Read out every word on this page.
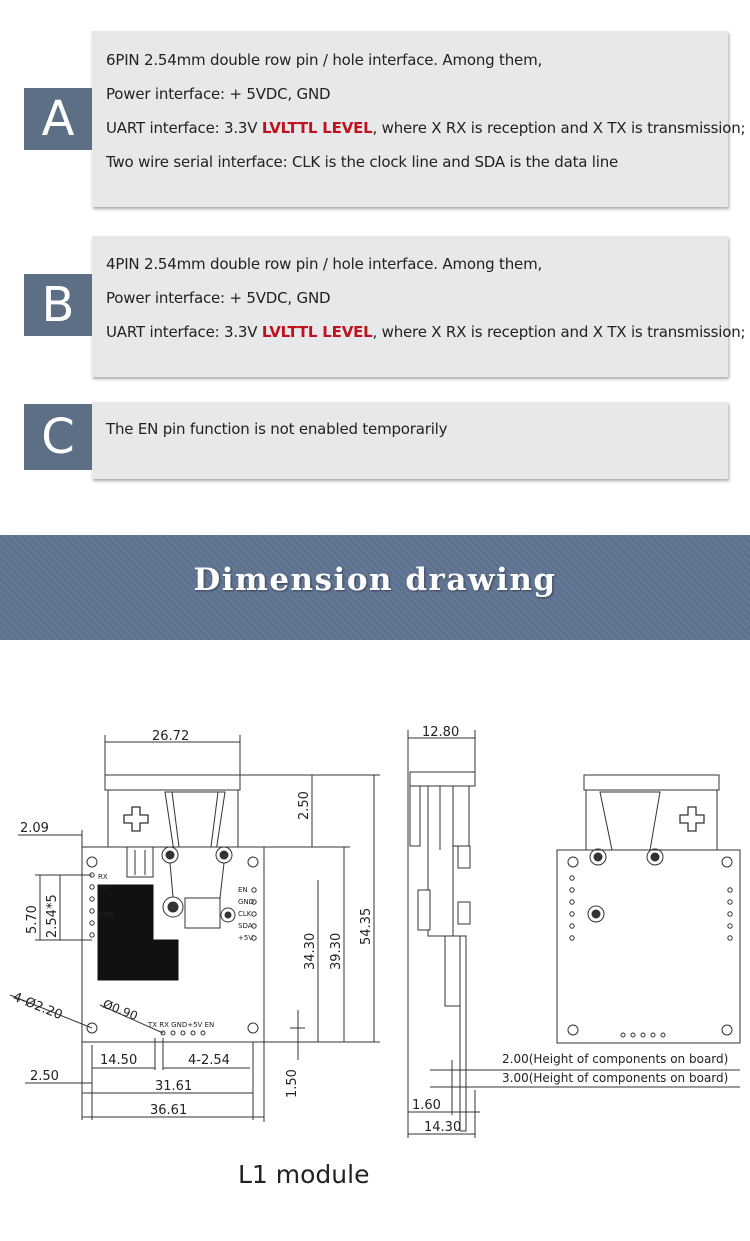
A
6PIN 2.54mm double row pin / hole interface. Among them,
Power interface: + 5VDC, GND
UART interface: 3.3V LVLTTL LEVEL, where X RX is reception and X TX is transmission;
Two wire serial interface: CLK is the clock line and SDA is the data line
B
4PIN 2.54mm double row pin / hole interface. Among them,
Power interface: + 5VDC, GND
UART interface: 3.3V LVLTTL LEVEL, where X RX is reception and X TX is transmission;
C	The EN pin function is not enabled temporarily
Dimension drawing
RX
TX
GND
EN
GND
CLK
SDA
+5V
TX RX GND+5V EN
26.72
2.09
5.70 2.54*5
2.50
34.30 39.30
54.35
4-Ø2.20	Ø0.90
14.50	4-2.54
2.50
31.61
36.61
1.50
12.80
2.00(Height of components on board)
3.00(Height of components on board)
1.60
14.30
L1 module
